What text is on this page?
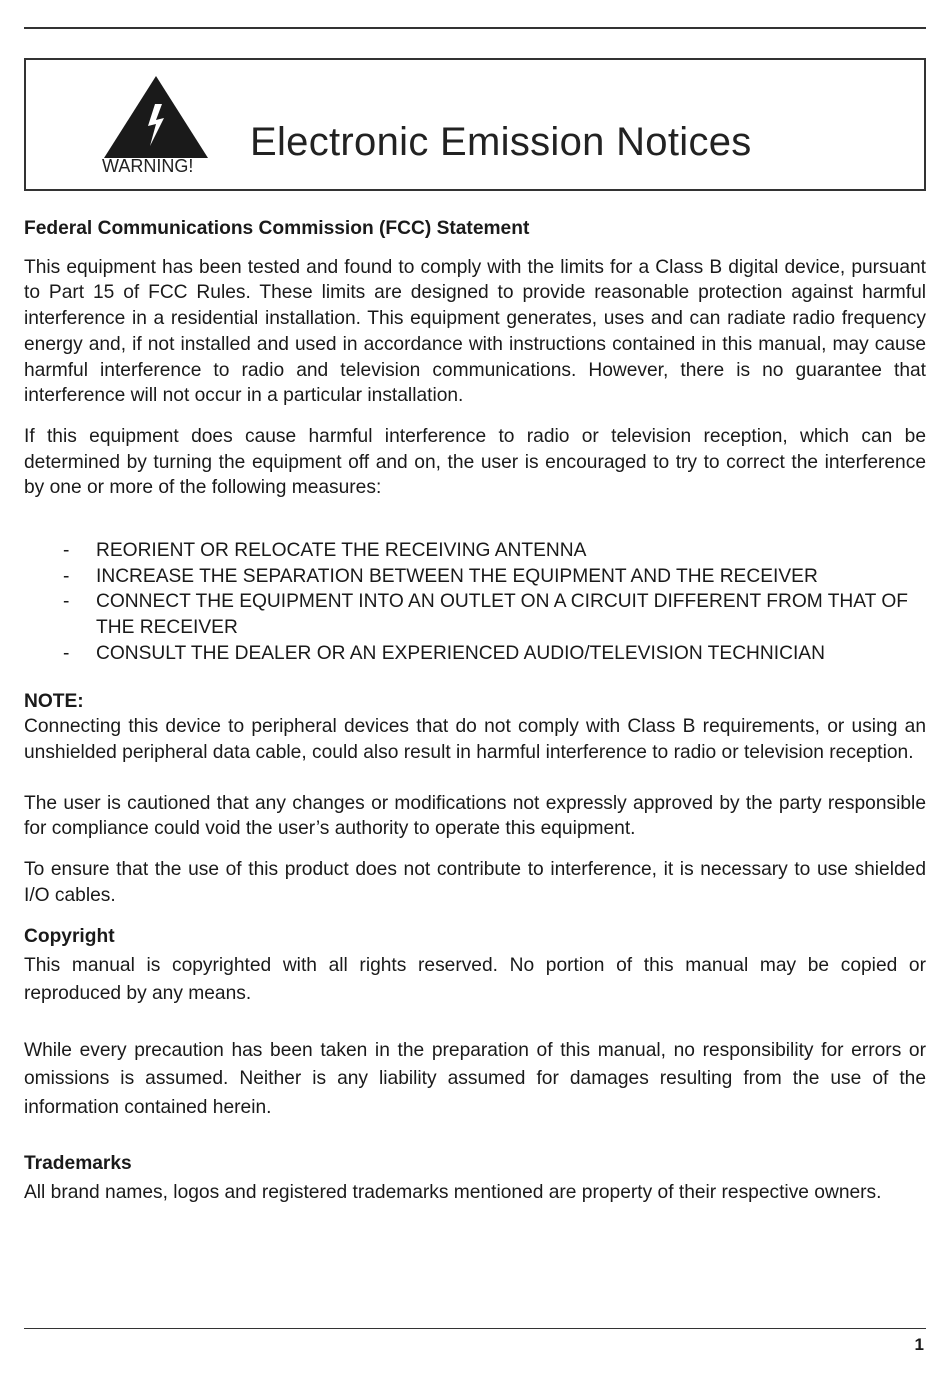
WARNING!
Electronic Emission Notices

Federal Communications Commission (FCC) Statement

This equipment has been tested and found to comply with the limits for a Class B digital device, pursuant to Part 15 of FCC Rules. These limits are designed to provide reasonable protection against harmful interference in a residential installation. This equipment generates, uses and can radiate radio frequency energy and, if not installed and used in accordance with instructions contained in this manual, may cause harmful interference to radio and television communications. However, there is no guarantee that interference will not occur in a particular installation.

If this equipment does cause harmful interference to radio or television reception, which can be determined by turning the equipment off and on, the user is encouraged to try to correct the interference by one or more of the following measures:

- REORIENT OR RELOCATE THE RECEIVING ANTENNA
- INCREASE THE SEPARATION BETWEEN THE EQUIPMENT AND THE RECEIVER
- CONNECT THE EQUIPMENT INTO AN OUTLET ON A CIRCUIT DIFFERENT FROM THAT OF THE RECEIVER
- CONSULT THE DEALER OR AN EXPERIENCED AUDIO/TELEVISION TECHNICIAN

NOTE:

Connecting this device to peripheral devices that do not comply with Class B requirements, or using an unshielded peripheral data cable, could also result in harmful interference to radio or television reception.

The user is cautioned that any changes or modifications not expressly approved by the party responsible for compliance could void the user’s authority to operate this equipment.

To ensure that the use of this product does not contribute to interference, it is necessary to use shielded I/O cables.

Copyright

This manual is copyrighted with all rights reserved. No portion of this manual may be copied or reproduced by any means.

While every precaution has been taken in the preparation of this manual, no responsibility for errors or omissions is assumed. Neither is any liability assumed for damages resulting from the use of the information contained herein.

Trademarks

All brand names, logos and registered trademarks mentioned are property of their respective owners.

1
